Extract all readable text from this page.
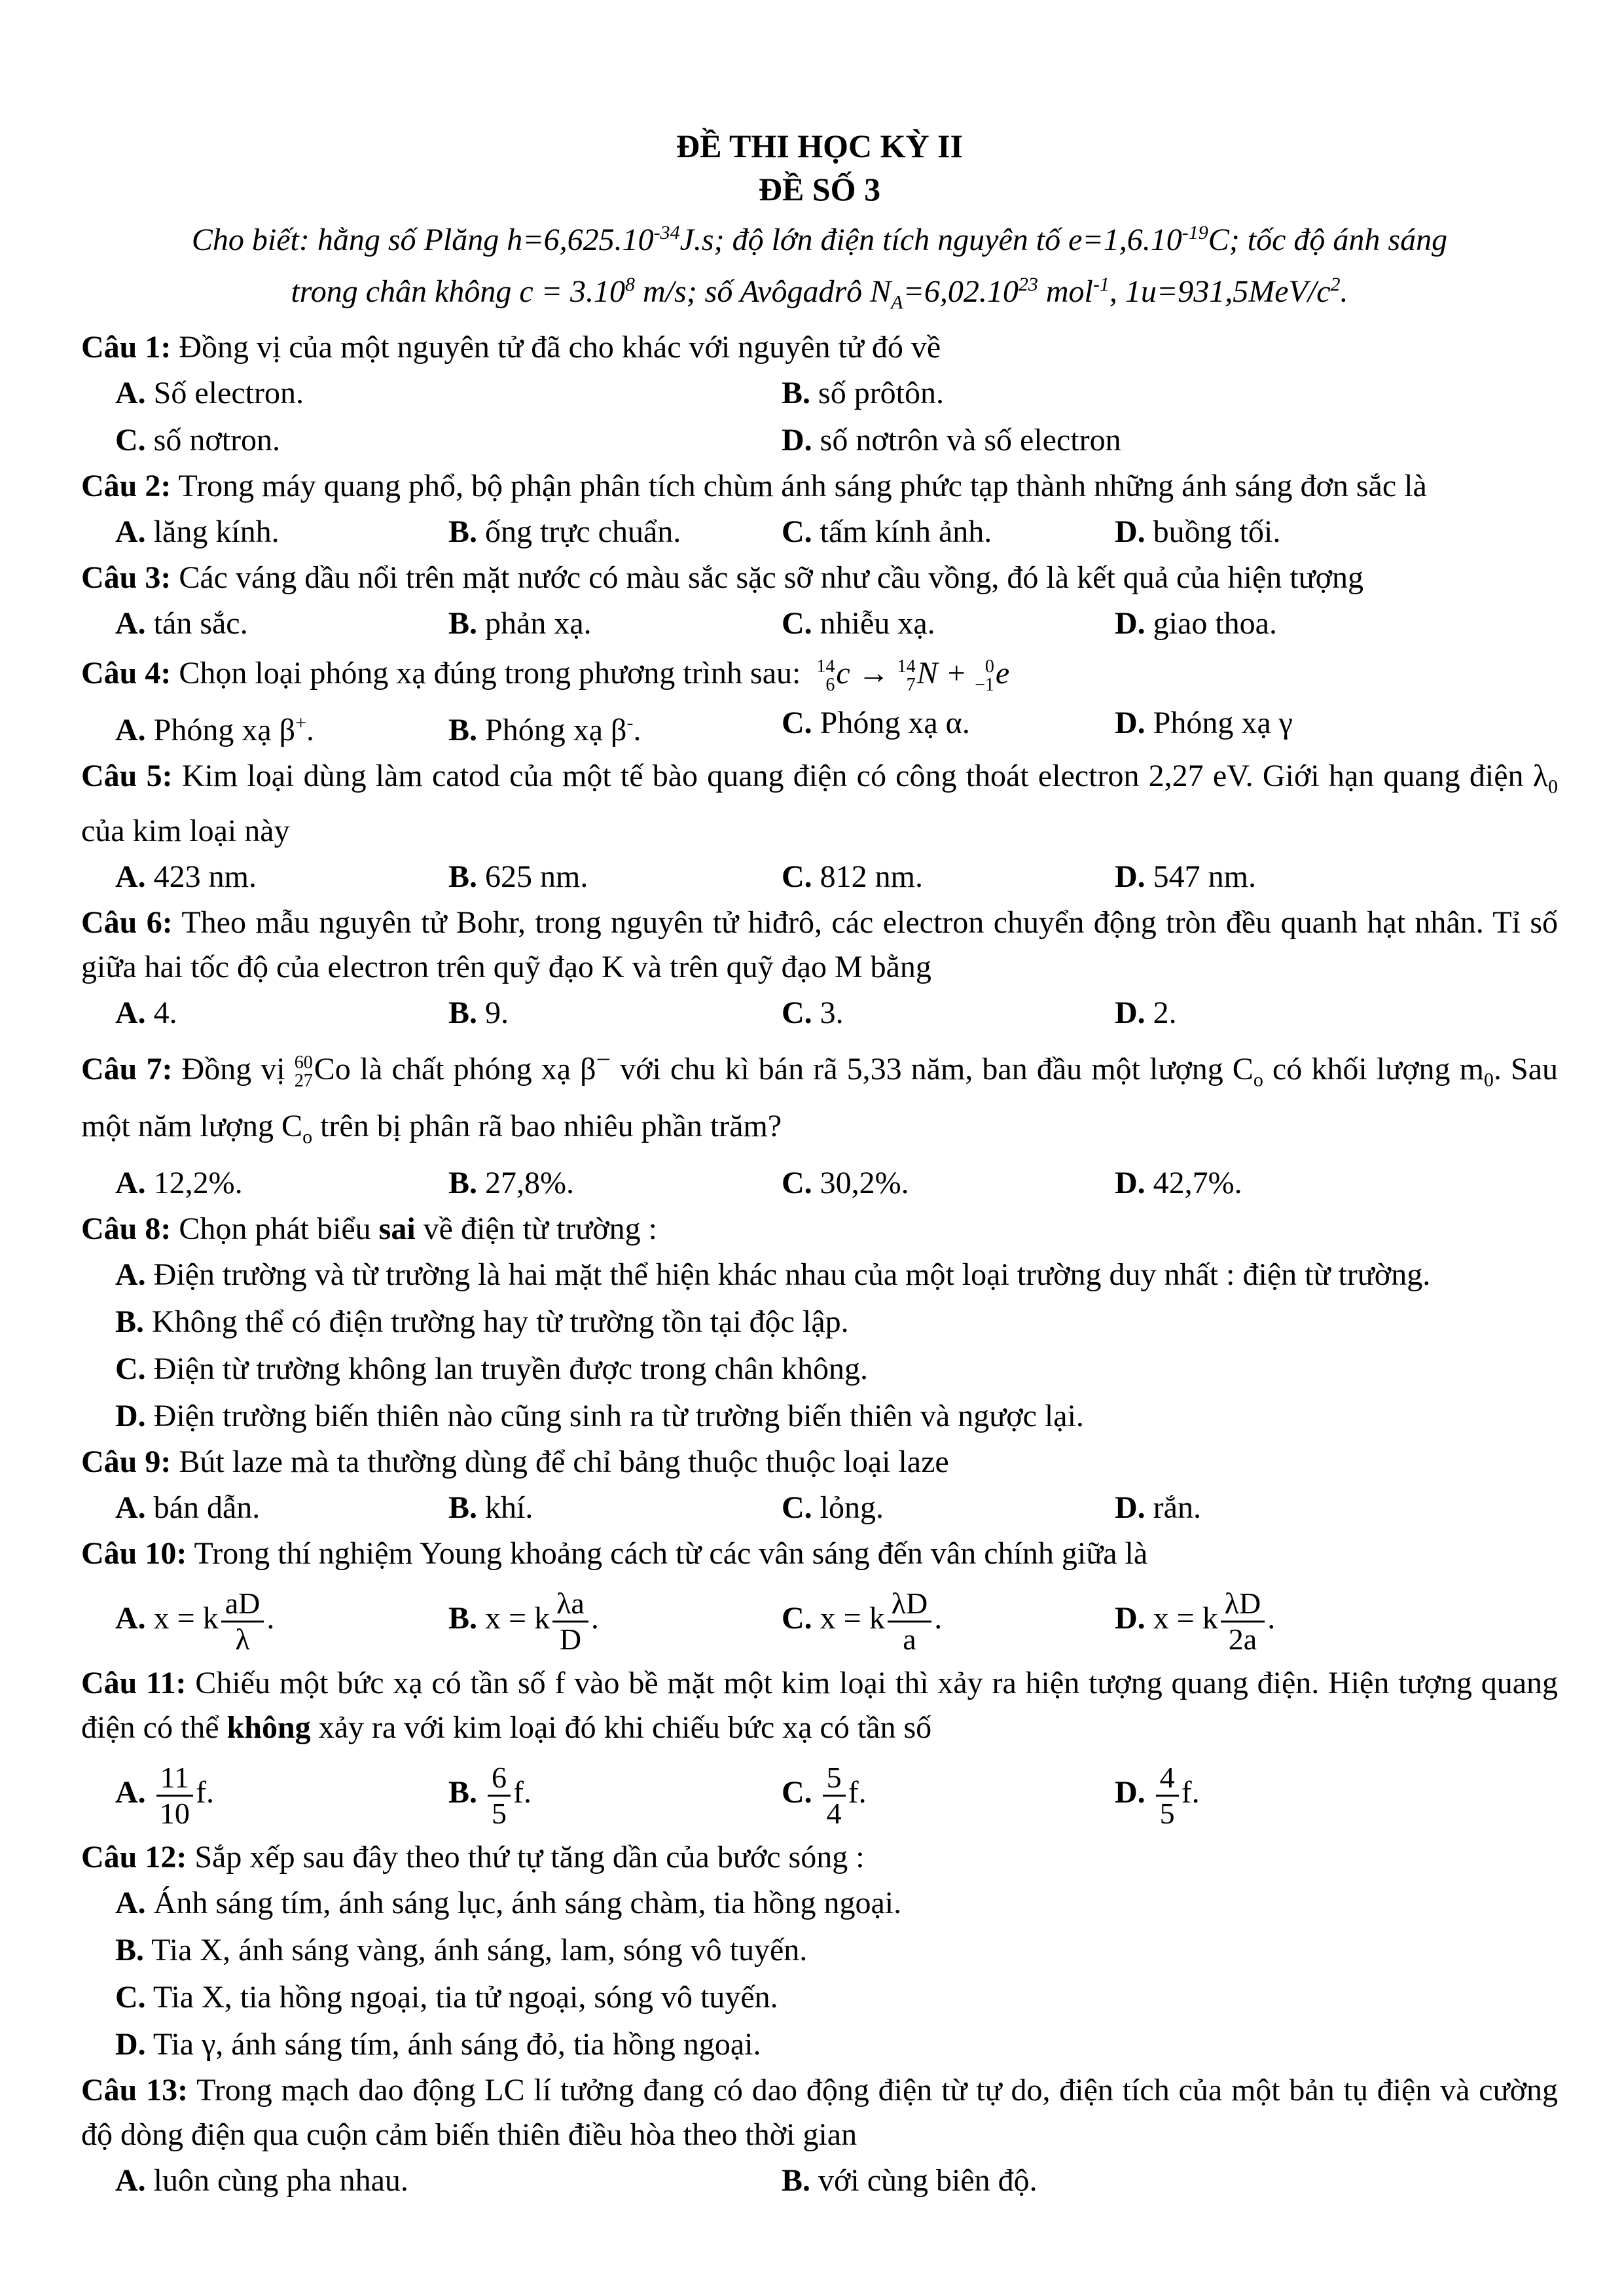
ĐỀ THI HỌC KỲ II

ĐỀ SỐ 3

Cho biết: hằng số Plăng $h=6,625.10^{-34}J.s$; độ lớn điện tích nguyên tố $e=1,6.10^{-19}C$; tốc độ ánh sáng

trong chân không $c = 3.10^8$ m/s; số Avôgadrô $N_A=6,02.10^{23}$ mol$^{-1}$, $1u=931,5MeV/c^2$.

Câu 1: Đồng vị của một nguyên tử đã cho khác với nguyên tử đó về

A. Số electron.	B. số prôtôn.
C. số nơtron.	D. số nơtrôn và số electron

Câu 2: Trong máy quang phổ, bộ phận phân tích chùm ánh sáng phức tạp thành những ánh sáng đơn sắc là

A. lăng kính.	B. ống trực chuẩn.	C. tấm kính ảnh.	D. buồng tối.

Câu 3: Các váng dầu nổi trên mặt nước có màu sắc sặc sỡ như cầu vồng, đó là kết quả của hiện tượng

A. tán sắc.	B. phản xạ.	C. nhiễu xạ.	D. giao thoa.

Câu 4: Chọn loại phóng xạ đúng trong phương trình sau: 14
6 c → 14
7 N + 0
−1 e

A. Phóng xạ β+.	B. Phóng xạ β-.	C. Phóng xạ α.	D. Phóng xạ γ

Câu 5: Kim loại dùng làm catod của một tế bào quang điện có công thoát electron 2,27 eV. Giới hạn quang điện $\lambda_0$ của kim loại này

A. 423 nm.	B. 625 nm.	C. 812 nm.	D. 547 nm.

Câu 6: Theo mẫu nguyên tử Bohr, trong nguyên tử hiđrô, các electron chuyển động tròn đều quanh hạt nhân. Tỉ số giữa hai tốc độ của electron trên quỹ đạo K và trên quỹ đạo M bằng

A. 4.	B. 9.	C. 3.	D. 2.

Câu 7: Đồng vị 60
27 Co là chất phóng xạ β− với chu kì bán rã 5,33 năm, ban đầu một lượng $C_o$ có khối lượng $m_0$. Sau một năm lượng $C_o$ trên bị phân rã bao nhiêu phần trăm?

A. 12,2%.	B. 27,8%.	C. 30,2%.	D. 42,7%.

Câu 8: Chọn phát biểu sai về điện từ trường :

A. Điện trường và từ trường là hai mặt thể hiện khác nhau của một loại trường duy nhất : điện từ trường.
B. Không thể có điện trường hay từ trường tồn tại độc lập.
C. Điện từ trường không lan truyền được trong chân không.
D. Điện trường biến thiên nào cũng sinh ra từ trường biến thiên và ngược lại.

Câu 9: Bút laze mà ta thường dùng để chỉ bảng thuộc thuộc loại laze

A. bán dẫn.	B. khí.	C. lỏng.	D. rắn.

Câu 10: Trong thí nghiệm Young khoảng cách từ các vân sáng đến vân chính giữa là

A. x = k $\frac{aD}{\lambda}$ .	B. x = k $\frac{\lambda a}{D}$ .	C. x = k $\frac{\lambda D}{a}$ .	D. x = k $\frac{\lambda D}{2a}$ .

Câu 11: Chiếu một bức xạ có tần số f vào bề mặt một kim loại thì xảy ra hiện tượng quang điện. Hiện tượng quang điện có thể không xảy ra với kim loại đó khi chiếu bức xạ có tần số

A. $\frac{11}{10} f$.	B. $\frac{6}{5} f$.	C. $\frac{5}{4} f$.	D. $\frac{4}{5} f$.

Câu 12: Sắp xếp sau đây theo thứ tự tăng dần của bước sóng :

A. Ánh sáng tím, ánh sáng lục, ánh sáng chàm, tia hồng ngoại.
B. Tia X, ánh sáng vàng, ánh sáng, lam, sóng vô tuyến.
C. Tia X, tia hồng ngoại, tia tử ngoại, sóng vô tuyến.
D. Tia γ, ánh sáng tím, ánh sáng đỏ, tia hồng ngoại.

Câu 13: Trong mạch dao động LC lí tưởng đang có dao động điện từ tự do, điện tích của một bản tụ điện và cường độ dòng điện qua cuộn cảm biến thiên điều hòa theo thời gian

A. luôn cùng pha nhau.	B. với cùng biên độ.
